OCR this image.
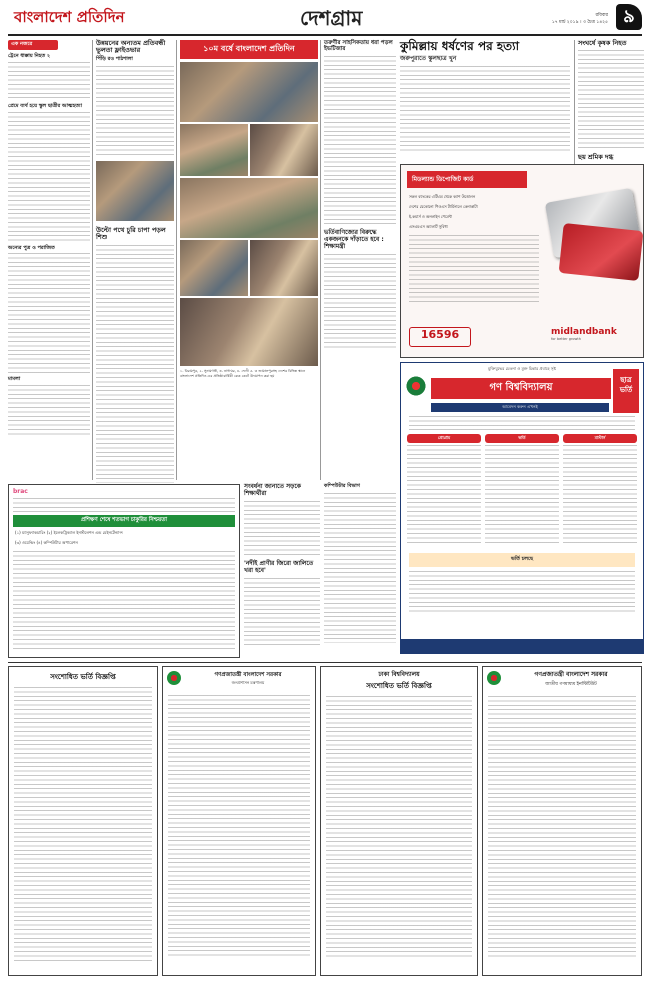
বাংলাদেশ প্রতিদিন	দেশগ্রাম	রবিবার
১৭ মার্চ ২০১৯ । ৩ চৈত্র ১৪২৫ ৯
এক নজরে
ট্রেনে ধাক্কায় নিহত ২
প্রেমে ব্যর্থ হয়ে স্কুল ছাত্রীর আত্মহত্যা
অন্যের পুত্র ও পরাজিত
মামলা
উন্নয়নের অন্যতম প্রতিবন্ধী ভুলতা ফ্লাইওভার
পিঁড়ি রও পাঠশালা
উল্টো পথে চুরি চাপা পড়ল শিশু
১০ম বর্ষে বাংলাদেশ প্রতিদিন
১. বিরামপুর, ২. সুনামগঞ্জ, ৩. নাগাঘর, ৪. ফেনী ৫. ও জামালপুরসহ দেশের বিভিন্ন স্থানে বাংলাদেশ প্রতিদিন-এর প্রতিষ্ঠাবার্ষিকী কেক কেটে উদযাপন করা হয়
তরুণীর সাহসিকতায় ধরা পড়ল ইভটিজার
ভর্তিবাণিজ্যের বিরুদ্ধে একজনকে দাঁড়াতে হবে : শিক্ষামন্ত্রী
কুমিল্লায় ধর্ষণের পর হত্যা
জরুপুরাতে স্কুলছাত্র খুন
সংঘর্ষে কৃষক নিহত
ছয় শ্রমিক দগ্ধ
মিডল্যান্ড ডিপোজিট কার্ড
সকল ব্যাংকের এটিএম থেকে ক্যাশ উত্তোলন
দেশের যেকোনো পিওএস টার্মিনালে কেনাকাটা
ই-কমার্স ও অনলাইন পেমেন্ট
এসএমএস অ্যালার্ট সুবিধা
16596	midlandbank
for better growth
মুক্তিযুদ্ধের চেতনা ও মুক্ত চিন্তার প্রবাহে সৃষ্ট
গণ বিশ্ববিদ্যালয়
ছাত্র ভর্তি
আবেদন করুন এখনই
প্রোগ্রাম	ভর্তি	মাস্টার্স
ভর্তি চলছে
কম্পিউটার বিভাগ
brac
প্রশিক্ষণ শেষে শতভাগ চাকুরির নিশ্চয়তা
(১) ম্যানুফ্যাকচারিং (২) ইলেকট্রিক্যাল ইনস্টলেশন এন্ড মেইনটেন্যান্স
(৩) ওয়েল্ডিং (৪) কম্পিউটার অপারেশন
সংবর্ধনা জানাতে সড়কে শিক্ষার্থীরা
'নদীই প্রাণীর জিরো জালিতে খরা হবে'
সংশোধিত ভর্তি বিজ্ঞপ্তি	গণপ্রজাতন্ত্রী বাংলাদেশ সরকার
জনপ্রশাসন মন্ত্রণালয়
ঢাকা বিশ্ববিদ্যালয়
সংশোধিত ভর্তি বিজ্ঞপ্তি
গণপ্রজাতন্ত্রী বাংলাদেশ সরকার
জাতীয় গণমাধ্যম ইনস্টিটিউট
